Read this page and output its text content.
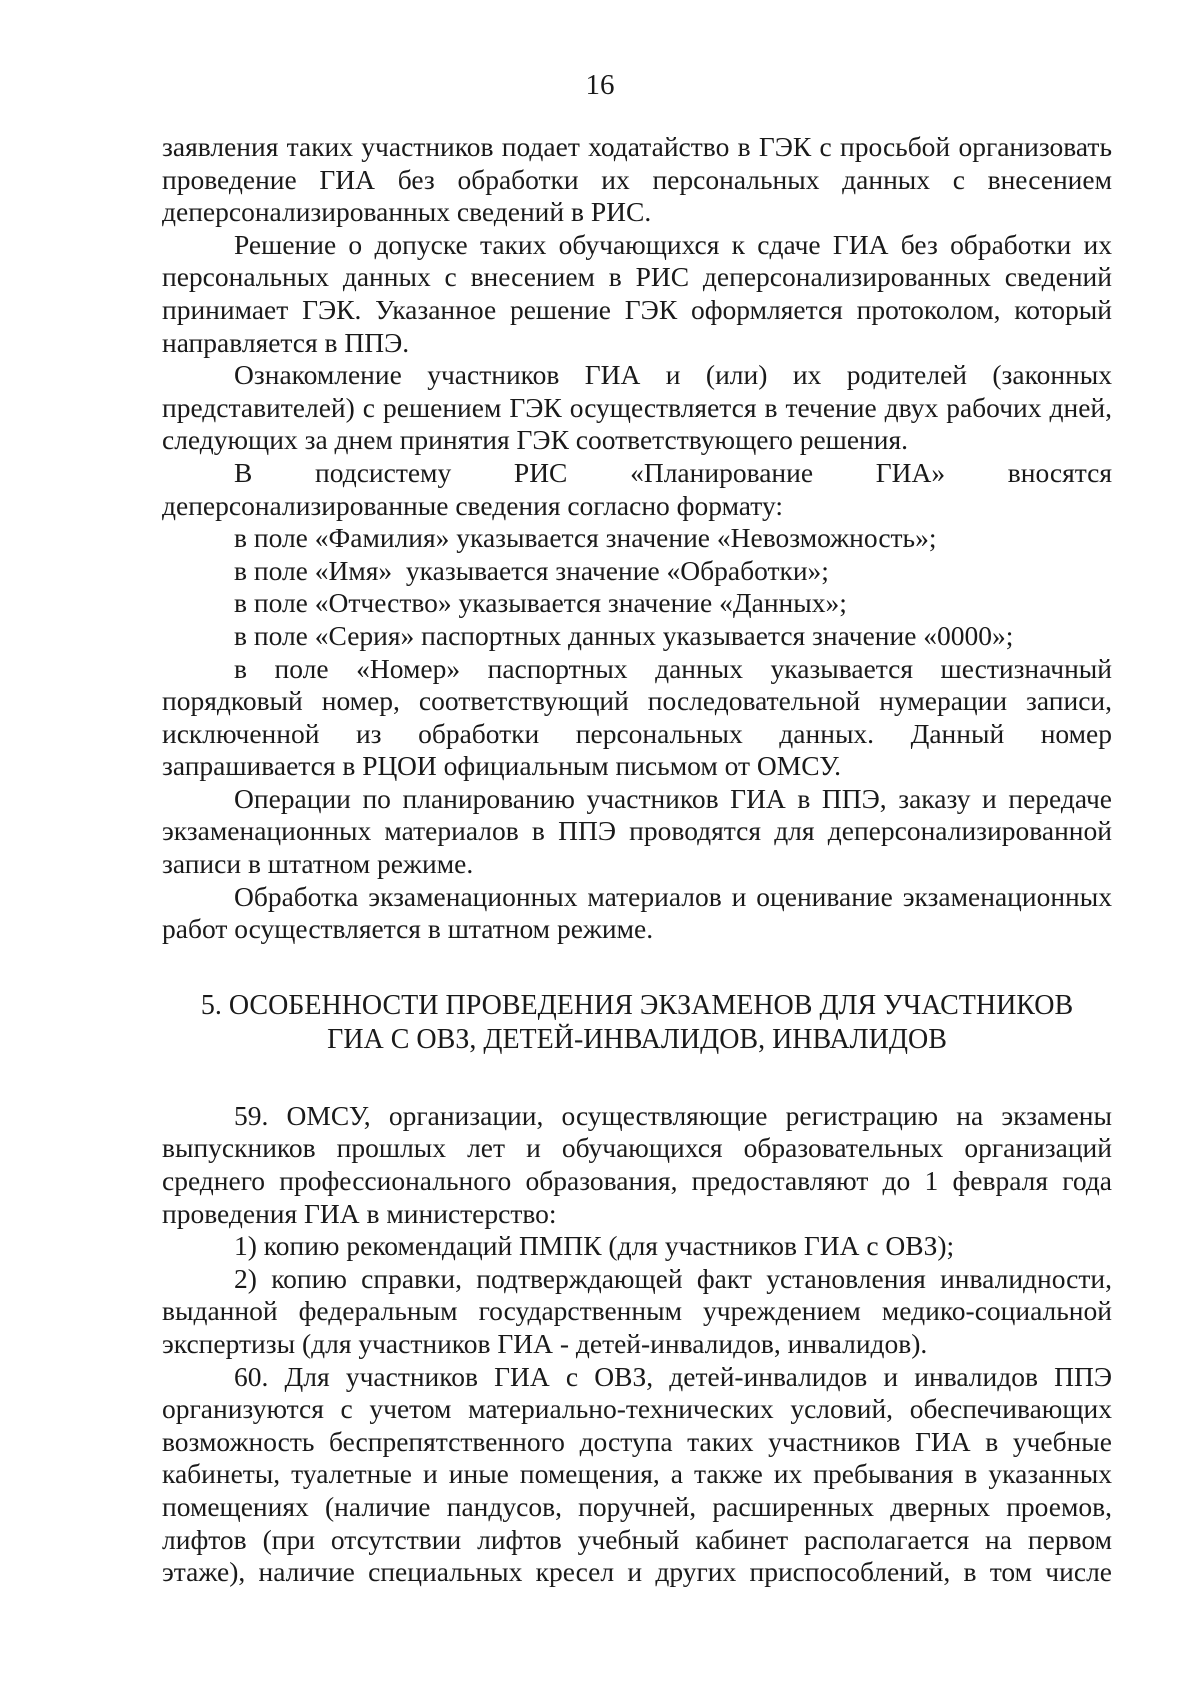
16

заявления таких участников подает ходатайство в ГЭК с просьбой организовать проведение ГИА без обработки их персональных данных с внесением деперсонализированных сведений в РИС.

Решение о допуске таких обучающихся к сдаче ГИА без обработки их персональных данных с внесением в РИС деперсонализированных сведений принимает ГЭК. Указанное решение ГЭК оформляется протоколом, который направляется в ППЭ.

Ознакомление участников ГИА и (или) их родителей (законных представителей) с решением ГЭК осуществляется в течение двух рабочих дней, следующих за днем принятия ГЭК соответствующего решения.

В подсистему РИС «Планирование ГИА» вносятся деперсонализированные сведения согласно формату:

в поле «Фамилия» указывается значение «Невозможность»;

в поле «Имя»  указывается значение «Обработки»;

в поле «Отчество» указывается значение «Данных»;

в поле «Серия» паспортных данных указывается значение «0000»;

в поле «Номер» паспортных данных указывается шестизначный порядковый номер, соответствующий последовательной нумерации записи, исключенной из обработки персональных данных. Данный номер запрашивается в РЦОИ официальным письмом от ОМСУ.

Операции по планированию участников ГИА в ППЭ, заказу и передаче экзаменационных материалов в ППЭ проводятся для деперсонализированной записи в штатном режиме.

Обработка экзаменационных материалов и оценивание экзаменационных работ осуществляется в штатном режиме.

5. ОСОБЕННОСТИ ПРОВЕДЕНИЯ ЭКЗАМЕНОВ ДЛЯ УЧАСТНИКОВ
ГИА С ОВЗ, ДЕТЕЙ-ИНВАЛИДОВ, ИНВАЛИДОВ

59. ОМСУ, организации, осуществляющие регистрацию на экзамены выпускников прошлых лет и обучающихся образовательных организаций среднего профессионального образования, предоставляют до 1 февраля года проведения ГИА в министерство:

1) копию рекомендаций ПМПК (для участников ГИА с ОВЗ);

2) копию справки, подтверждающей факт установления инвалидности, выданной федеральным государственным учреждением медико-социальной экспертизы (для участников ГИА - детей-инвалидов, инвалидов).

60. Для участников ГИА с ОВЗ, детей-инвалидов и инвалидов ППЭ организуются с учетом материально-технических условий, обеспечивающих возможность беспрепятственного доступа таких участников ГИА в учебные кабинеты, туалетные и иные помещения, а также их пребывания в указанных помещениях (наличие пандусов, поручней, расширенных дверных проемов, лифтов (при отсутствии лифтов учебный кабинет располагается на первом этаже), наличие специальных кресел и других приспособлений, в том числе
